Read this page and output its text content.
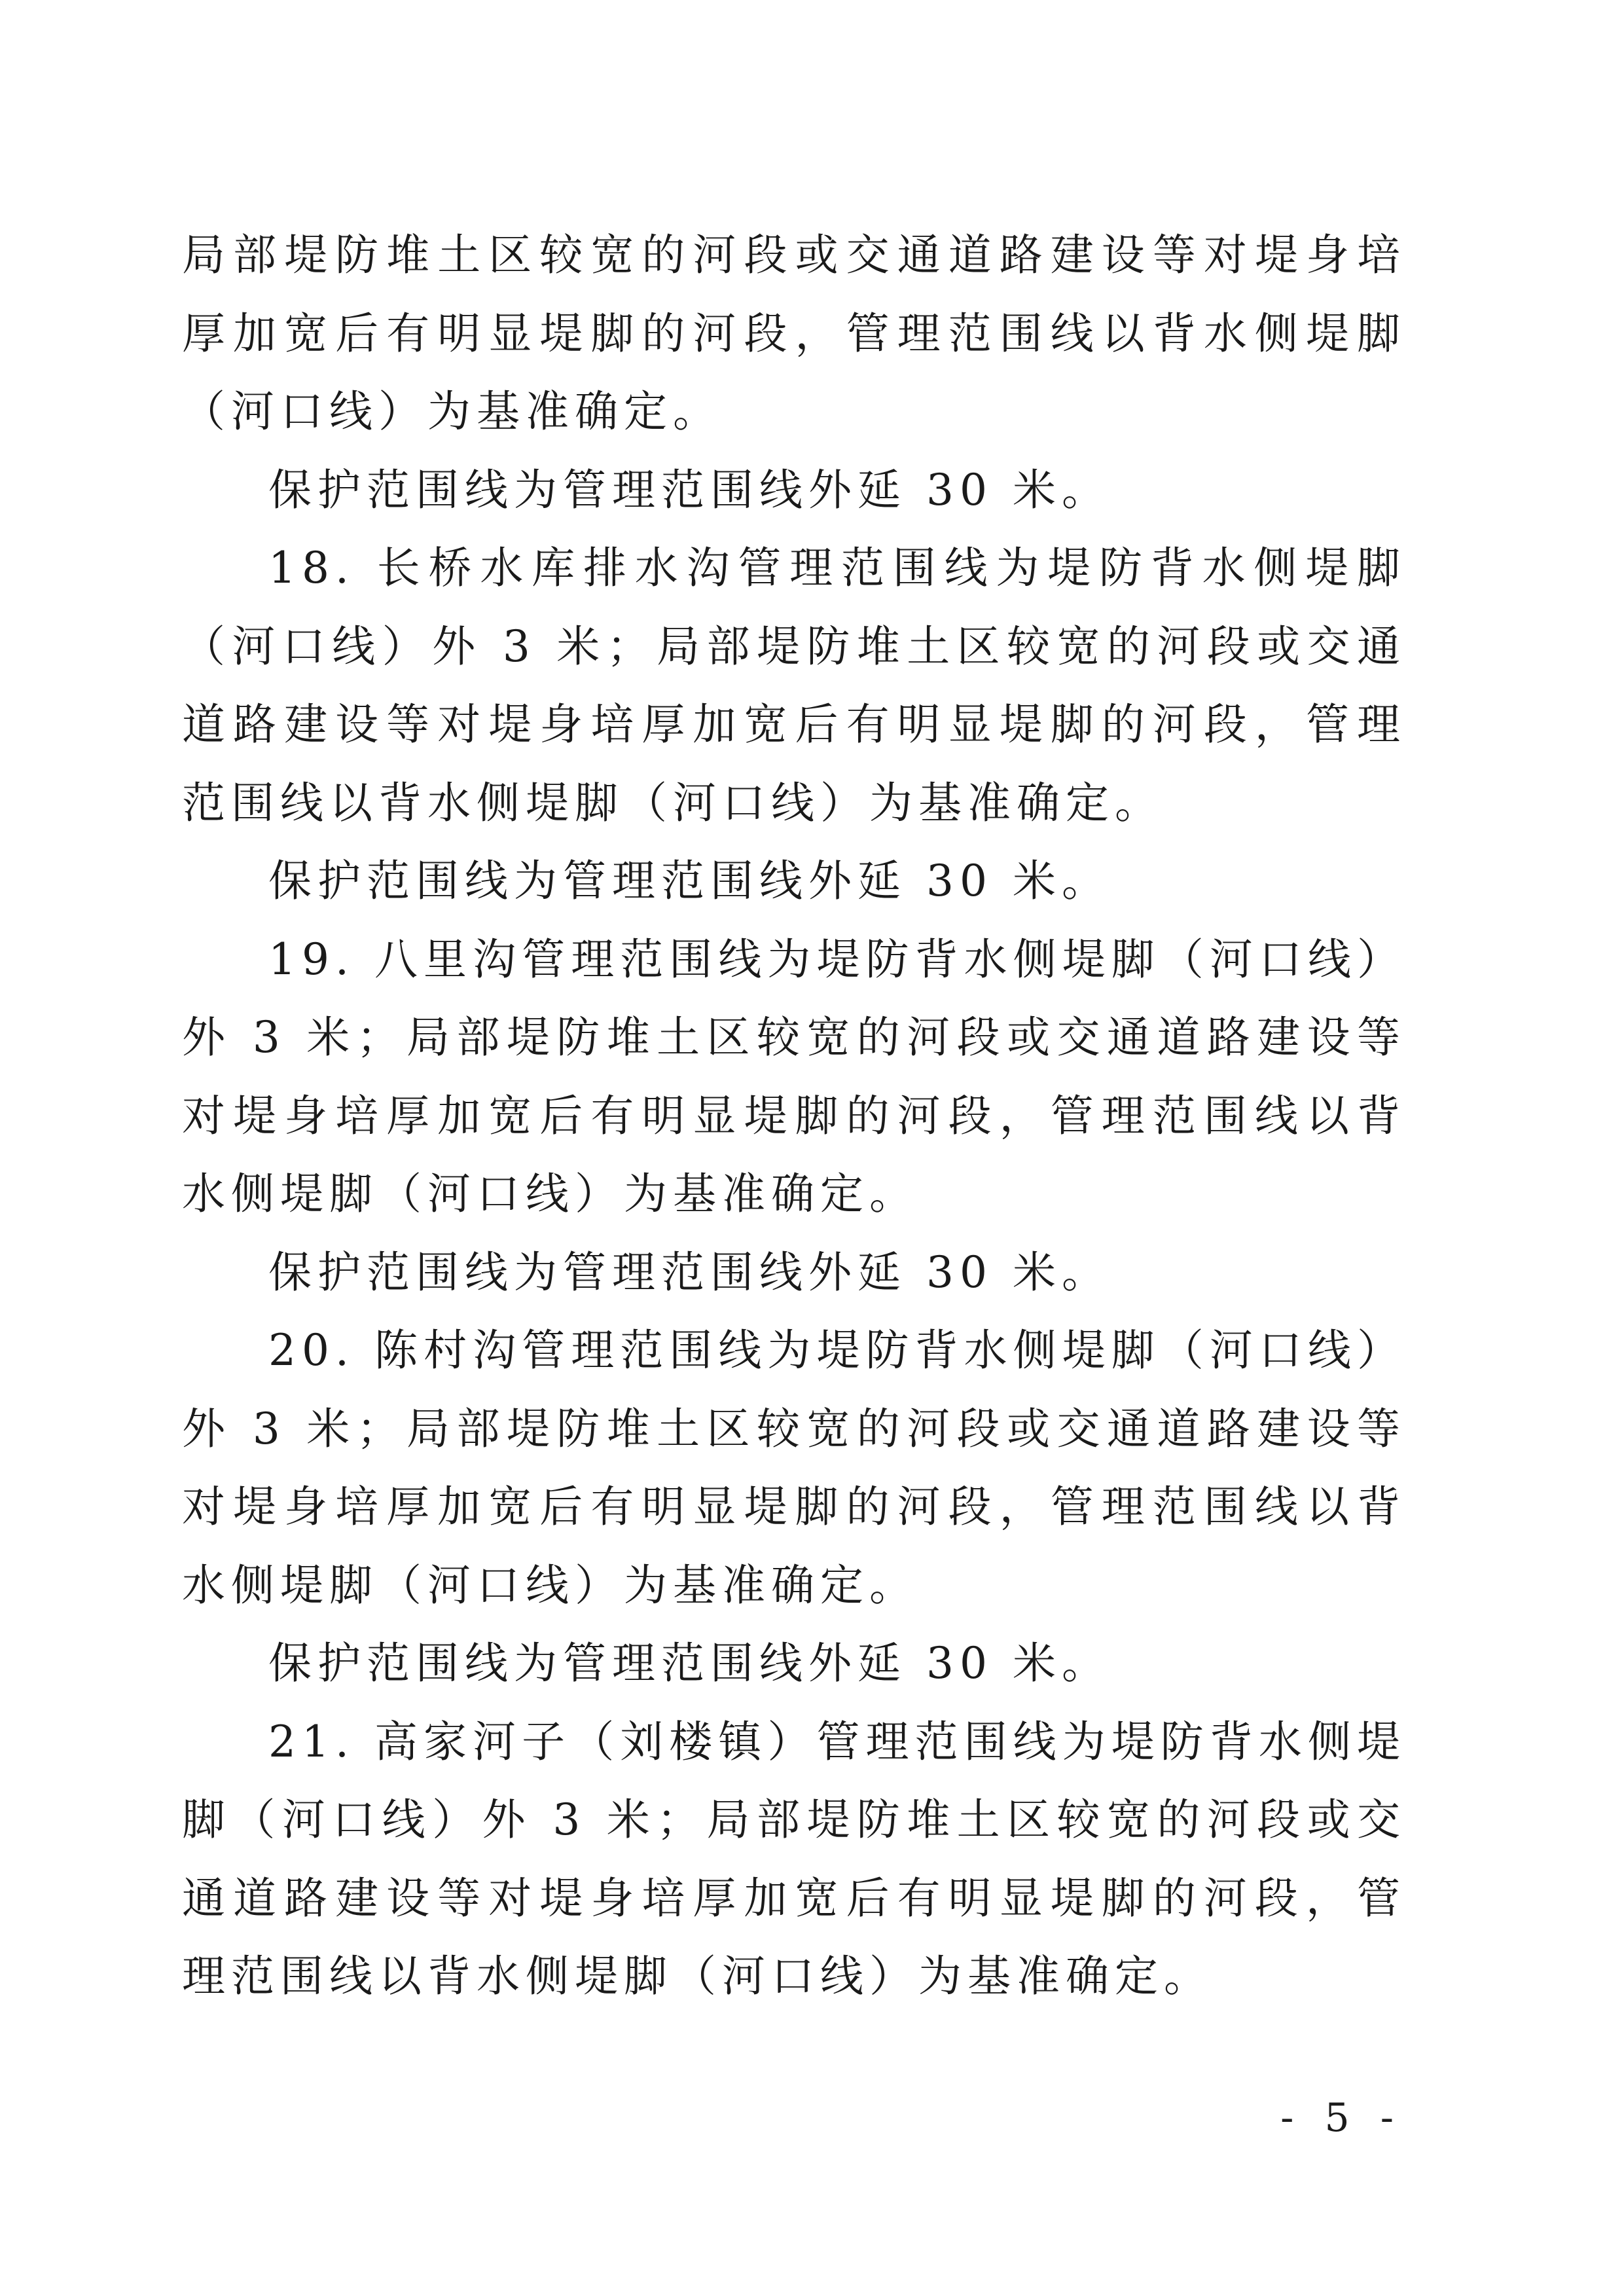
局部堤防堆土区较宽的河段或交通道路建设等对堤身培厚加宽后有明显堤脚的河段，管理范围线以背水侧堤脚（河口线）为基准确定。

保护范围线为管理范围线外延 30 米。

18. 长桥水库排水沟管理范围线为堤防背水侧堤脚（河口线）外 3 米；局部堤防堆土区较宽的河段或交通道路建设等对堤身培厚加宽后有明显堤脚的河段，管理范围线以背水侧堤脚（河口线）为基准确定。

保护范围线为管理范围线外延 30 米。

19. 八里沟管理范围线为堤防背水侧堤脚（河口线）外 3 米；局部堤防堆土区较宽的河段或交通道路建设等对堤身培厚加宽后有明显堤脚的河段，管理范围线以背水侧堤脚（河口线）为基准确定。

保护范围线为管理范围线外延 30 米。

20. 陈村沟管理范围线为堤防背水侧堤脚（河口线）外 3 米；局部堤防堆土区较宽的河段或交通道路建设等对堤身培厚加宽后有明显堤脚的河段，管理范围线以背水侧堤脚（河口线）为基准确定。

保护范围线为管理范围线外延 30 米。

21. 高家河子（刘楼镇）管理范围线为堤防背水侧堤脚（河口线）外 3 米；局部堤防堆土区较宽的河段或交通道路建设等对堤身培厚加宽后有明显堤脚的河段，管理范围线以背水侧堤脚（河口线）为基准确定。

- 5 -
